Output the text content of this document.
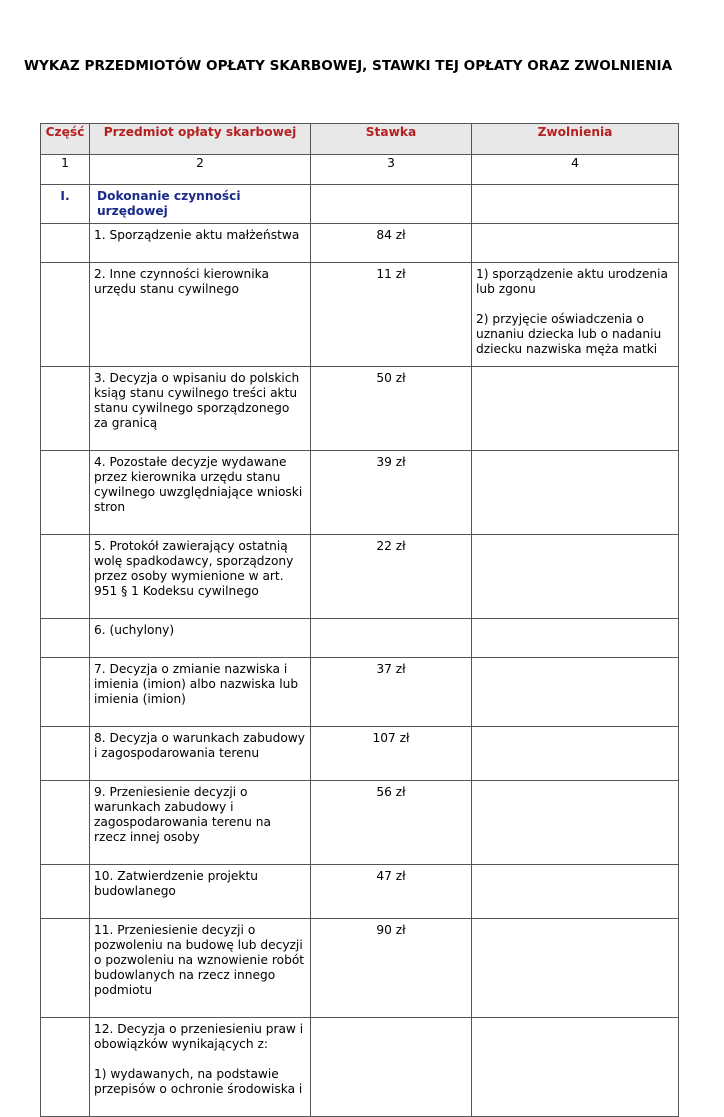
WYKAZ PRZEDMIOTÓW OPŁATY SKARBOWEJ, STAWKI TEJ OPŁATY ORAZ ZWOLNIENIA
Część	Przedmiot opłaty skarbowej	Stawka	Zwolnienia
1	2	3	4
I.	Dokonanie czynności urzędowej		

	1. Sporządzenie aktu małżeństwa	84 zł	

	2. Inne czynności kierownika urzędu stanu cywilnego	11 zł	1) sporządzenie aktu urodzenia lub zgonu

2) przyjęcie oświadczenia o uznaniu dziecka lub o nadaniu dziecku nazwiska męża matki

	3. Decyzja o wpisaniu do polskich ksiąg stanu cywilnego treści aktu stanu cywilnego sporządzonego za granicą	50 zł	

	4. Pozostałe decyzje wydawane przez kierownika urzędu stanu cywilnego uwzględniające wnioski stron	39 zł	

	5. Protokół zawierający ostatnią wolę spadkodawcy, sporządzony przez osoby wymienione w art. 951 § 1 Kodeksu cywilnego	22 zł	

	6. (uchylony)		

	7. Decyzja o zmianie nazwiska i imienia (imion) albo nazwiska lub imienia (imion)	37 zł	

	8. Decyzja o warunkach zabudowy i zagospodarowania terenu	107 zł	

	9. Przeniesienie decyzji o warunkach zabudowy i zagospodarowania terenu na rzecz innej osoby	56 zł	

	10. Zatwierdzenie projektu budowlanego	47 zł	

	11. Przeniesienie decyzji o pozwoleniu na budowę lub decyzji o pozwoleniu na wznowienie robót budowlanych na rzecz innego podmiotu	90 zł	

	12. Decyzja o przeniesieniu praw i obowiązków wynikających z:

1) wydawanych, na podstawie przepisów o ochronie środowiska i		
